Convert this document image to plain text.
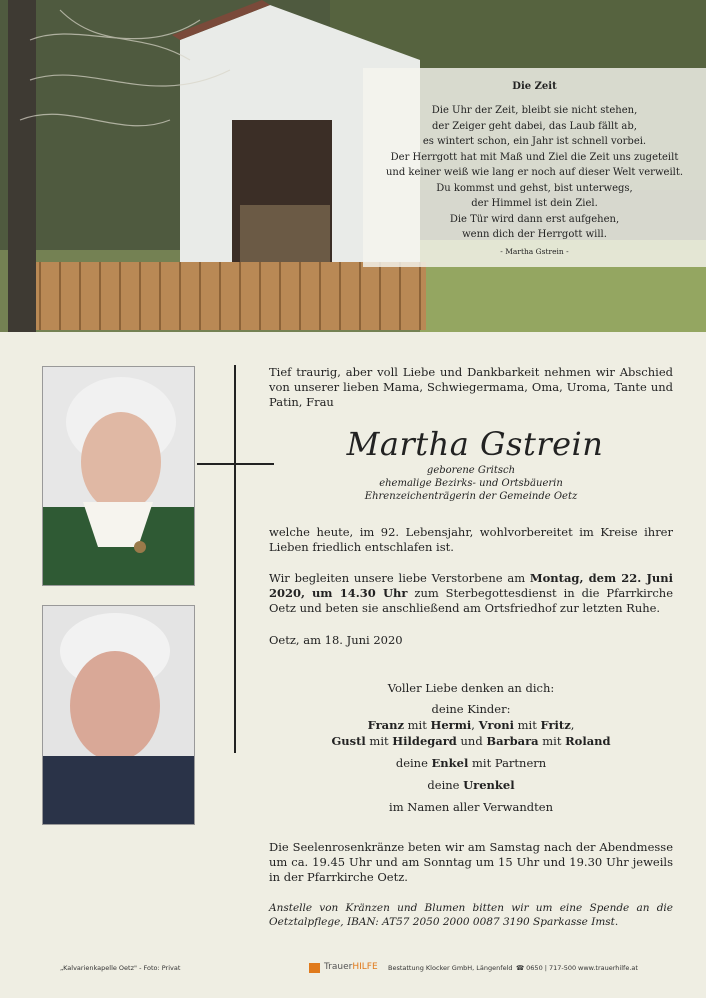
Die Zeit
Die Uhr der Zeit, bleibt sie nicht stehen,
der Zeiger geht dabei, das Laub fällt ab,
es wintert schon, ein Jahr ist schnell vorbei.
Der Herrgott hat mit Maß und Ziel die Zeit uns zugeteilt
und keiner weiß wie lang er noch auf dieser Welt verweilt.
Du kommst und gehst, bist unterwegs,
der Himmel ist dein Ziel.
Die Tür wird dann erst aufgehen,
wenn dich der Herrgott will.
- Martha Gstrein -
Tief traurig, aber voll Liebe und Dankbarkeit nehmen wir Abschied von unserer lieben Mama, Schwiegermama, Oma, Uroma, Tante und Patin, Frau
Martha Gstrein
geborene Gritsch
ehemalige Bezirks- und Ortsbäuerin
Ehrenzeichenträgerin der Gemeinde Oetz
welche heute, im 92. Lebensjahr, wohlvorbereitet im Kreise ihrer Lieben friedlich entschlafen ist.
Wir begleiten unsere liebe Verstorbene am Montag, dem 22. Juni 2020, um 14.30 Uhr zum Sterbegottesdienst in die Pfarrkirche Oetz und beten sie anschließend am Ortsfriedhof zur letzten Ruhe.
Oetz, am 18. Juni 2020
Voller Liebe denken an dich:
deine Kinder:
Franz mit Hermi, Vroni mit Fritz,
Gustl mit Hildegard und Barbara mit Roland
deine Enkel mit Partnern
deine Urenkel
im Namen aller Verwandten
Die Seelenrosenkränze beten wir am Samstag nach der Abendmesse um ca. 19.45 Uhr und am Sonntag um 15 Uhr und 19.30 Uhr jeweils in der Pfarrkirche Oetz.
Anstelle von Kränzen und Blumen bitten wir um eine Spende an die Oetztalpflege, IBAN: AT57 2050 2000 0087 3190 Sparkasse Imst.
„Kalvarienkapelle Oetz" - Foto: Privat	TrauerHILFE Bestattung Klocker GmbH, Längenfeld ☎ 0650 | 717-500 www.trauerhilfe.at
